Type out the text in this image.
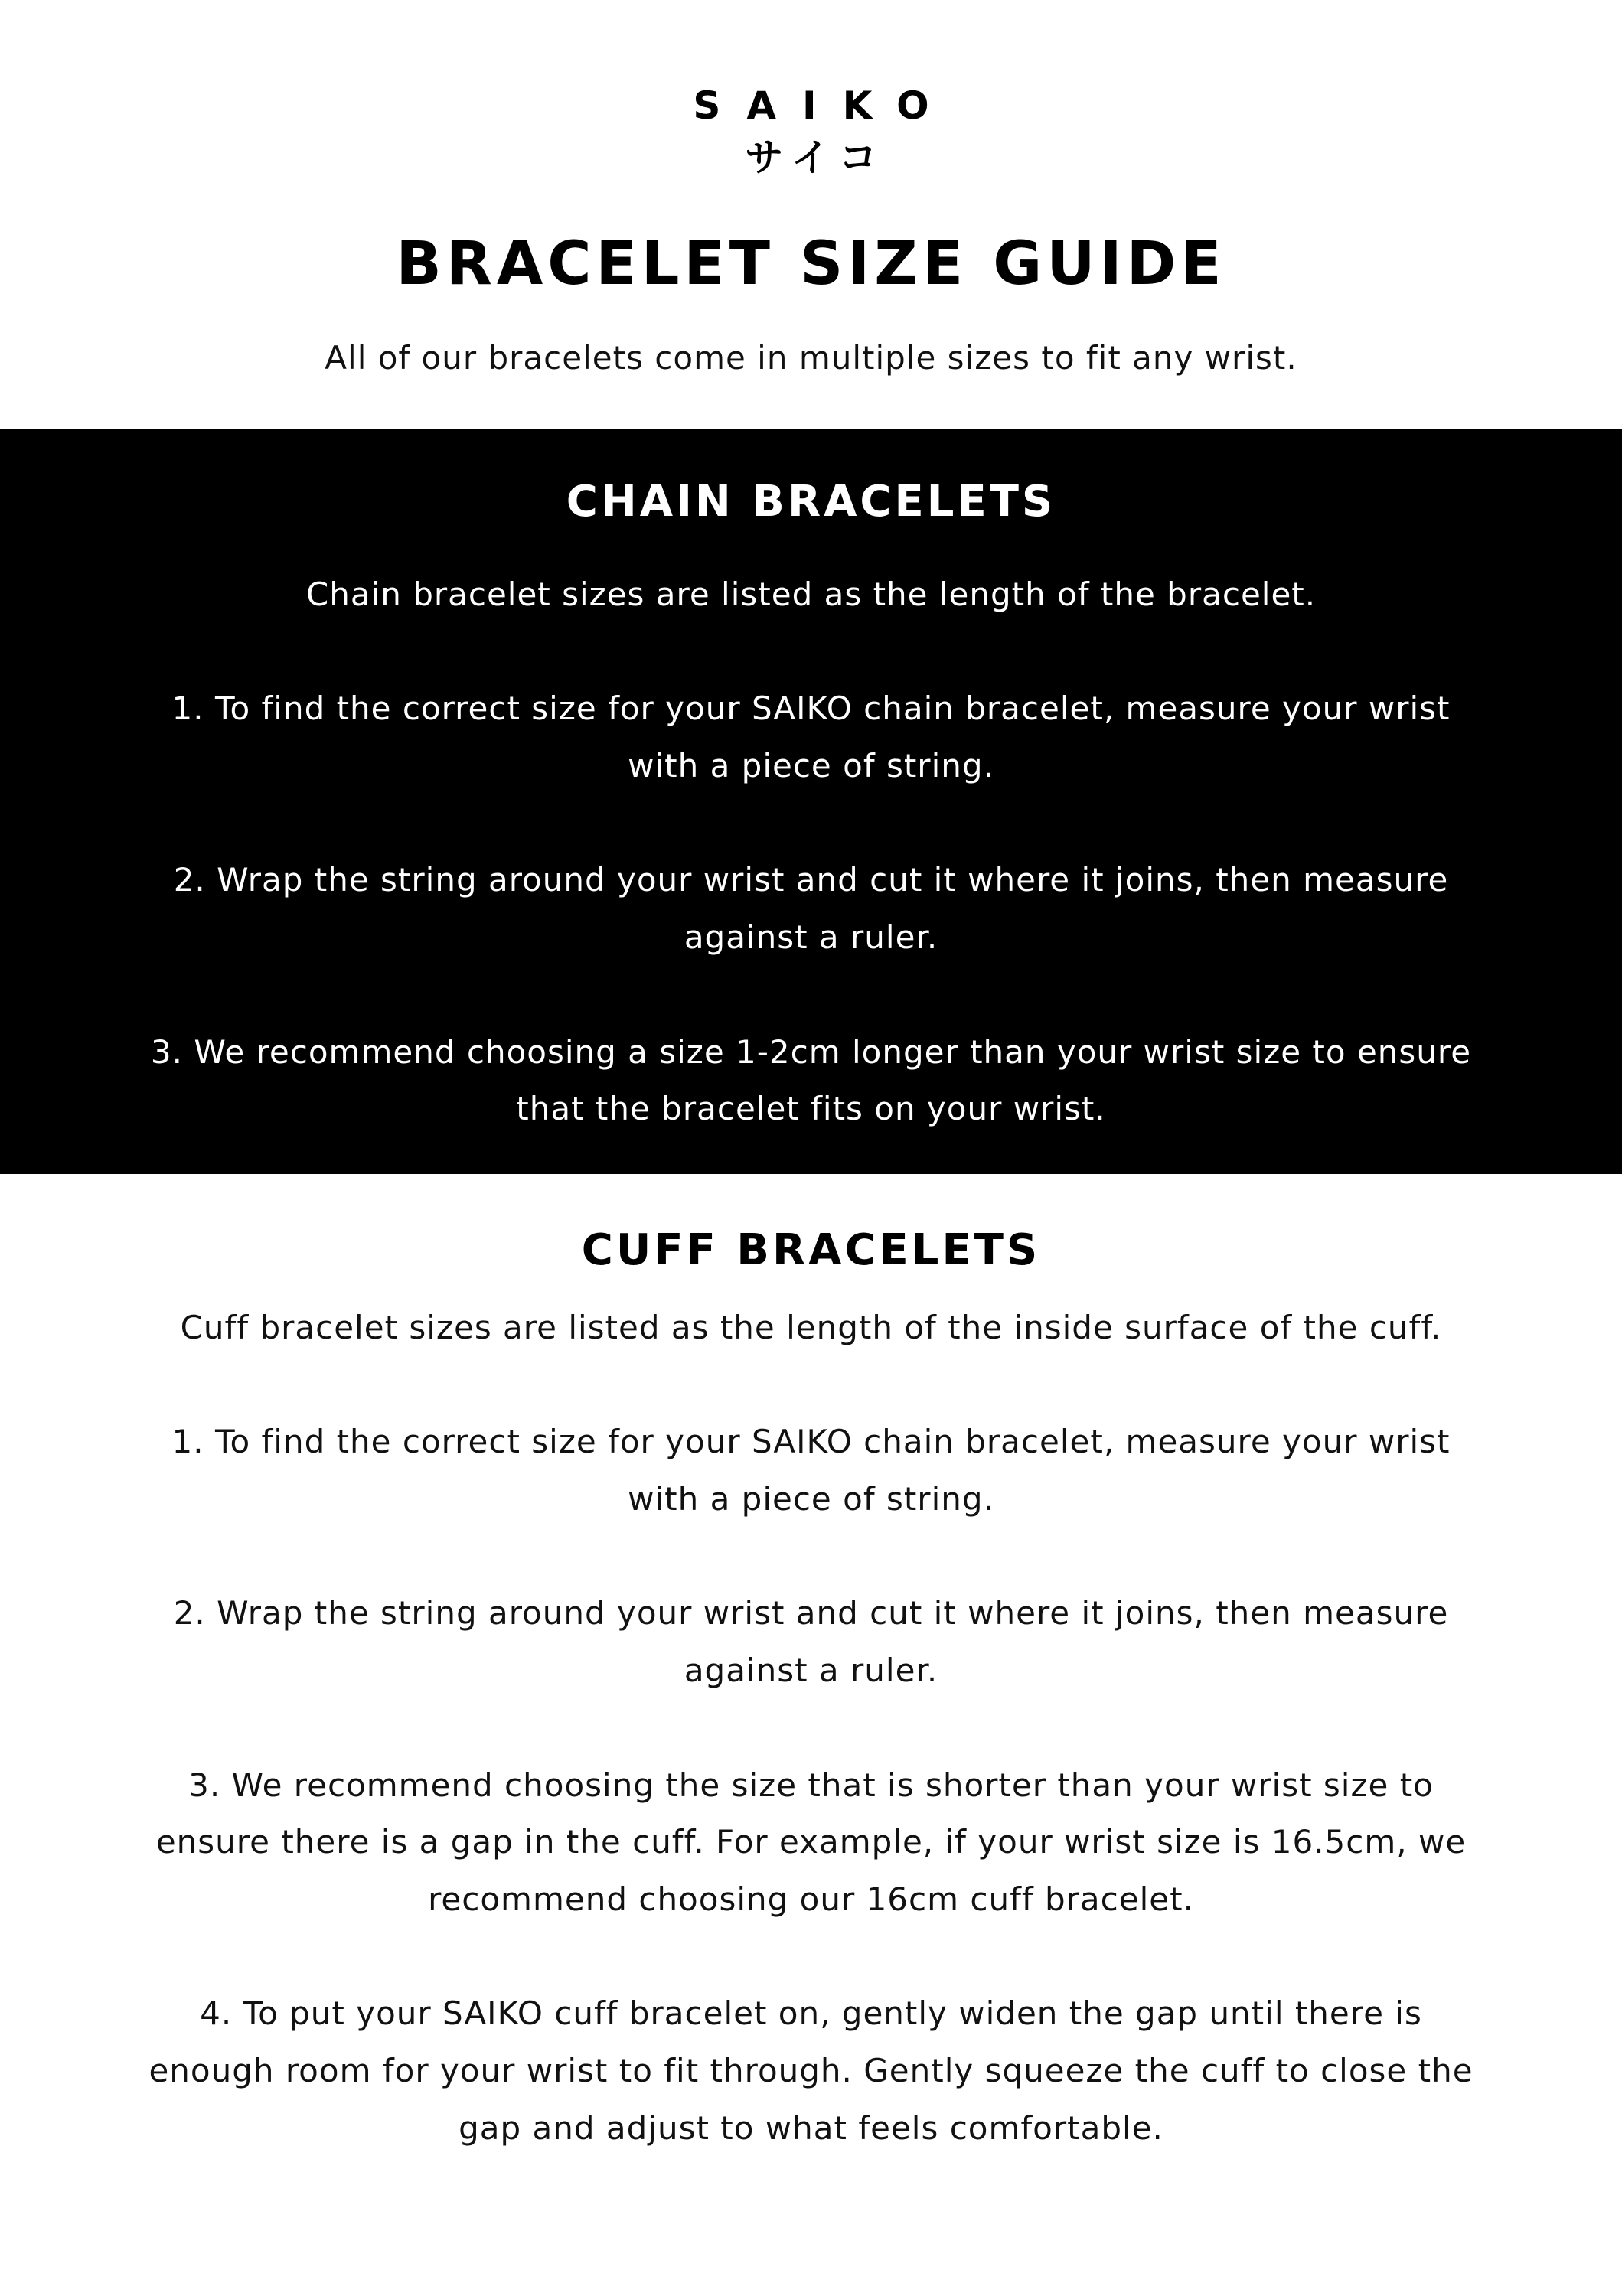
SAIKO
サイコ
BRACELET SIZE GUIDE
All of our bracelets come in multiple sizes to fit any wrist.
CHAIN BRACELETS

Chain bracelet sizes are listed as the length of the bracelet.

1. To find the correct size for your SAIKO chain bracelet, measure your wrist with a piece of string.

2. Wrap the string around your wrist and cut it where it joins, then measure against a ruler.

3. We recommend choosing a size 1-2cm longer than your wrist size to ensure that the bracelet fits on your wrist.

CUFF BRACELETS

Cuff bracelet sizes are listed as the length of the inside surface of the cuff.

1. To find the correct size for your SAIKO chain bracelet, measure your wrist with a piece of string.

2. Wrap the string around your wrist and cut it where it joins, then measure against a ruler.

3. We recommend choosing the size that is shorter than your wrist size to ensure there is a gap in the cuff. For example, if your wrist size is 16.5cm, we recommend choosing our 16cm cuff bracelet.

4. To put your SAIKO cuff bracelet on, gently widen the gap until there is enough room for your wrist to fit through. Gently squeeze the cuff to close the gap and adjust to what feels comfortable.
